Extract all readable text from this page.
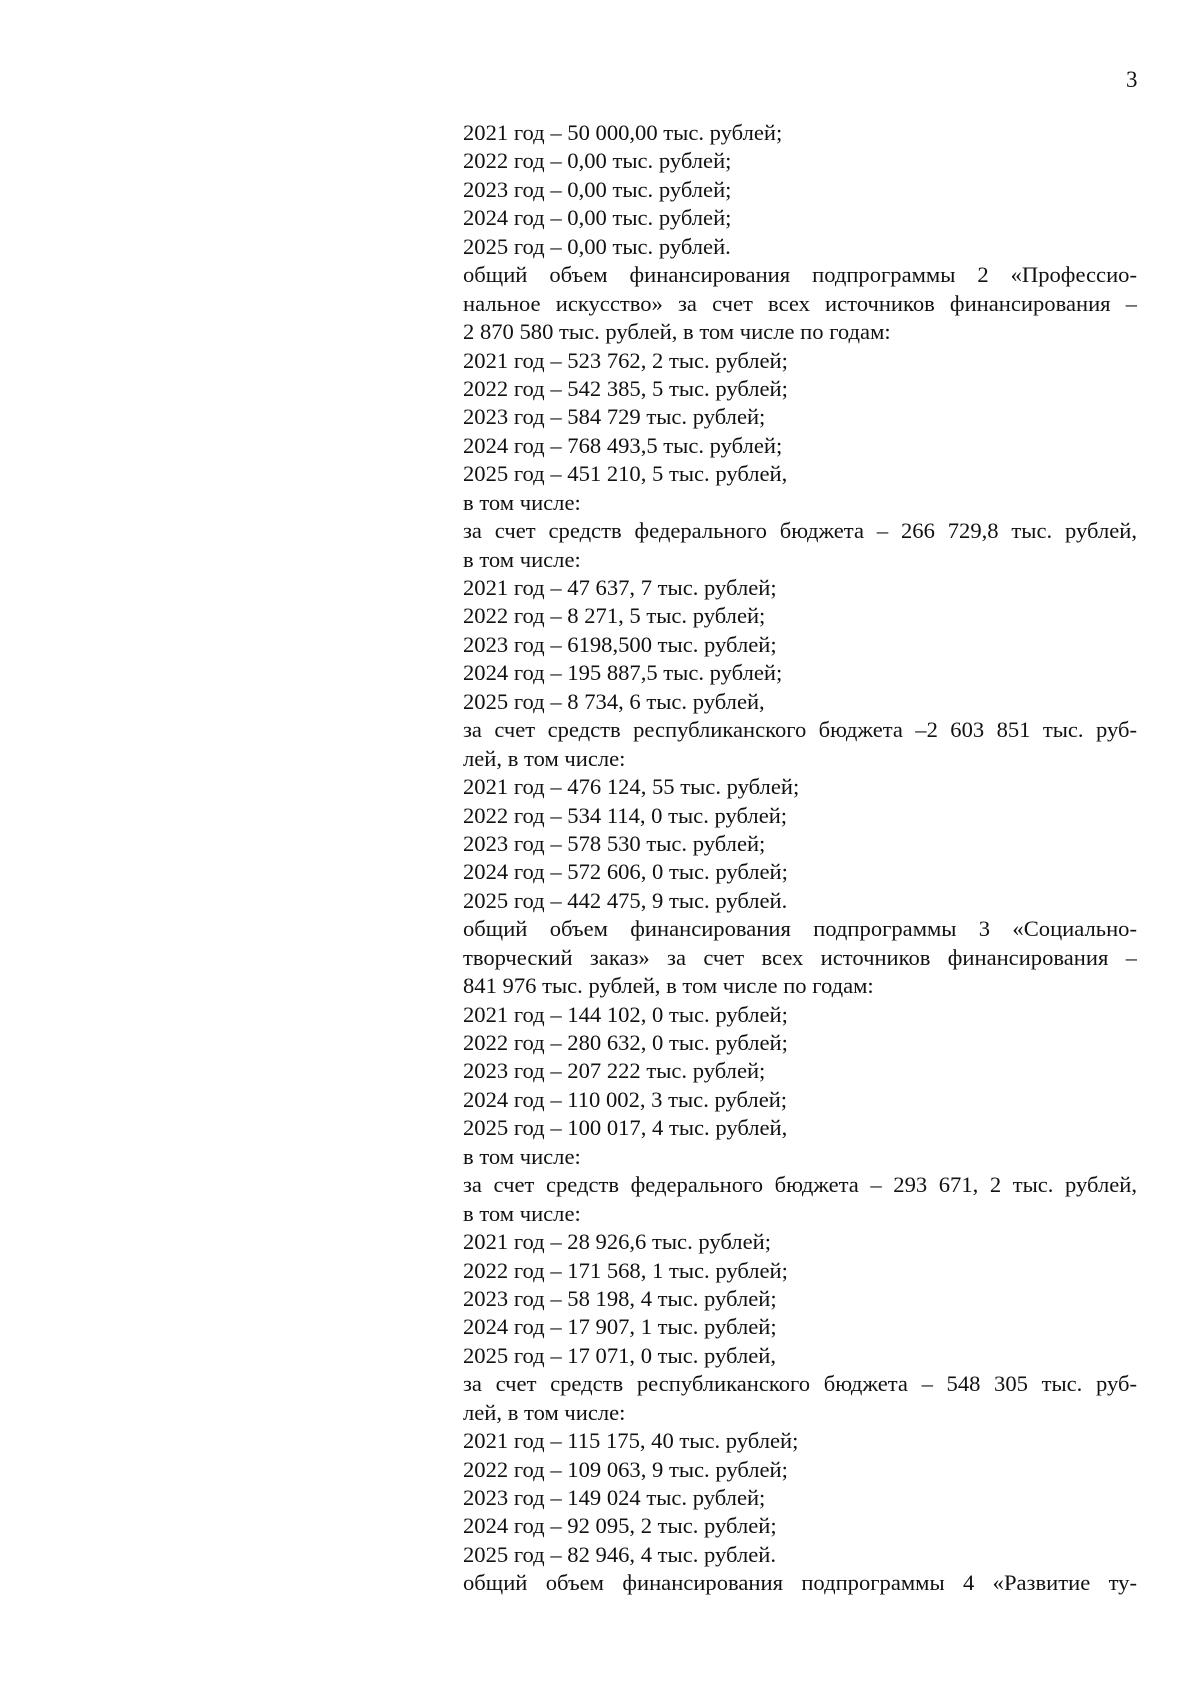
3
2021 год – 50 000,00 тыс. рублей;
2022 год – 0,00 тыс. рублей;
2023 год – 0,00 тыс. рублей;
2024 год – 0,00 тыс. рублей;
2025 год – 0,00 тыс. рублей.
общий объем финансирования подпрограммы 2 «Профессио-
нальное искусство» за счет всех источников финансирования –
2 870 580 тыс. рублей, в том числе по годам:
2021 год – 523 762, 2 тыс. рублей;
2022 год – 542 385, 5 тыс. рублей;
2023 год – 584 729 тыс. рублей;
2024 год – 768 493,5 тыс. рублей;
2025 год – 451 210, 5 тыс. рублей,
в том числе:
за счет средств федерального бюджета – 266 729,8 тыс. рублей,
в том числе:
2021 год – 47 637, 7 тыс. рублей;
2022 год – 8 271, 5 тыс. рублей;
2023 год – 6198,500 тыс. рублей;
2024 год – 195 887,5 тыс. рублей;
2025 год – 8 734, 6 тыс. рублей,
за счет средств республиканского бюджета –2 603 851 тыс. руб-
лей, в том числе:
2021 год – 476 124, 55 тыс. рублей;
2022 год – 534 114, 0 тыс. рублей;
2023 год – 578 530 тыс. рублей;
2024 год – 572 606, 0 тыс. рублей;
2025 год – 442 475, 9 тыс. рублей.
общий объем финансирования подпрограммы 3 «Социально-
творческий заказ» за счет всех источников финансирования –
841 976 тыс. рублей, в том числе по годам:
2021 год – 144 102, 0 тыс. рублей;
2022 год – 280 632, 0 тыс. рублей;
2023 год – 207 222 тыс. рублей;
2024 год – 110 002, 3 тыс. рублей;
2025 год – 100 017, 4 тыс. рублей,
в том числе:
за счет средств федерального бюджета – 293 671, 2 тыс. рублей,
в том числе:
2021 год – 28 926,6 тыс. рублей;
2022 год – 171 568, 1 тыс. рублей;
2023 год – 58 198, 4 тыс. рублей;
2024 год – 17 907, 1 тыс. рублей;
2025 год – 17 071, 0 тыс. рублей,
за счет средств республиканского бюджета – 548 305 тыс. руб-
лей, в том числе:
2021 год – 115 175, 40 тыс. рублей;
2022 год – 109 063, 9 тыс. рублей;
2023 год – 149 024 тыс. рублей;
2024 год – 92 095, 2 тыс. рублей;
2025 год – 82 946, 4 тыс. рублей.
общий объем финансирования подпрограммы 4 «Развитие ту-
